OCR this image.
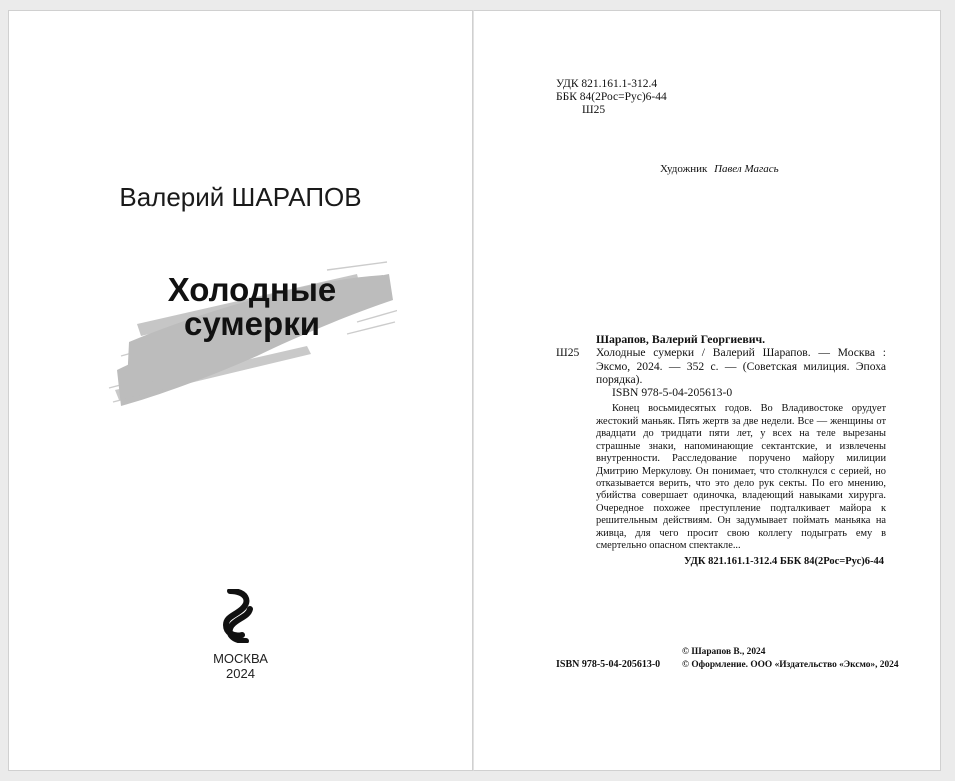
Валерий ШАРАПОВ
Холодные
сумерки
МОСКВА
2024
УДК 821.161.1-312.4
ББК 84(2Рос=Рус)6-44
Ш25
Художник Павел Магась
Шарапов, Валерий Георгиевич.
Ш25	Холодные сумерки / Валерий Шарапов. — Москва : Эксмо, 2024. — 352 с. — (Советская милиция. Эпоха порядка).
ISBN 978-5-04-205613-0
Конец восьмидесятых годов. Во Владивостоке орудует жестокий маньяк. Пять жертв за две недели. Все — женщины от двадцати до тридцати пяти лет, у всех на теле вырезаны страшные знаки, напоминающие сектантские, и извлечены внутренности. Расследование поручено майору милиции Дмитрию Меркулову. Он понимает, что столкнулся с серией, но отказывается верить, что это дело рук секты. По его мнению, убийства совершает одиночка, владеющий навыками хирурга. Очередное похожее преступление подталкивает майора к решительным действиям. Он задумывает поймать маньяка на живца, для чего просит свою коллегу подыграть ему в смертельно опасном спектакле...
УДК 821.161.1-312.4 ББК 84(2Рос=Рус)6-44
© Шарапов В., 2024
© Оформление. ООО «Издательство «Эксмо», 2024
ISBN 978-5-04-205613-0
